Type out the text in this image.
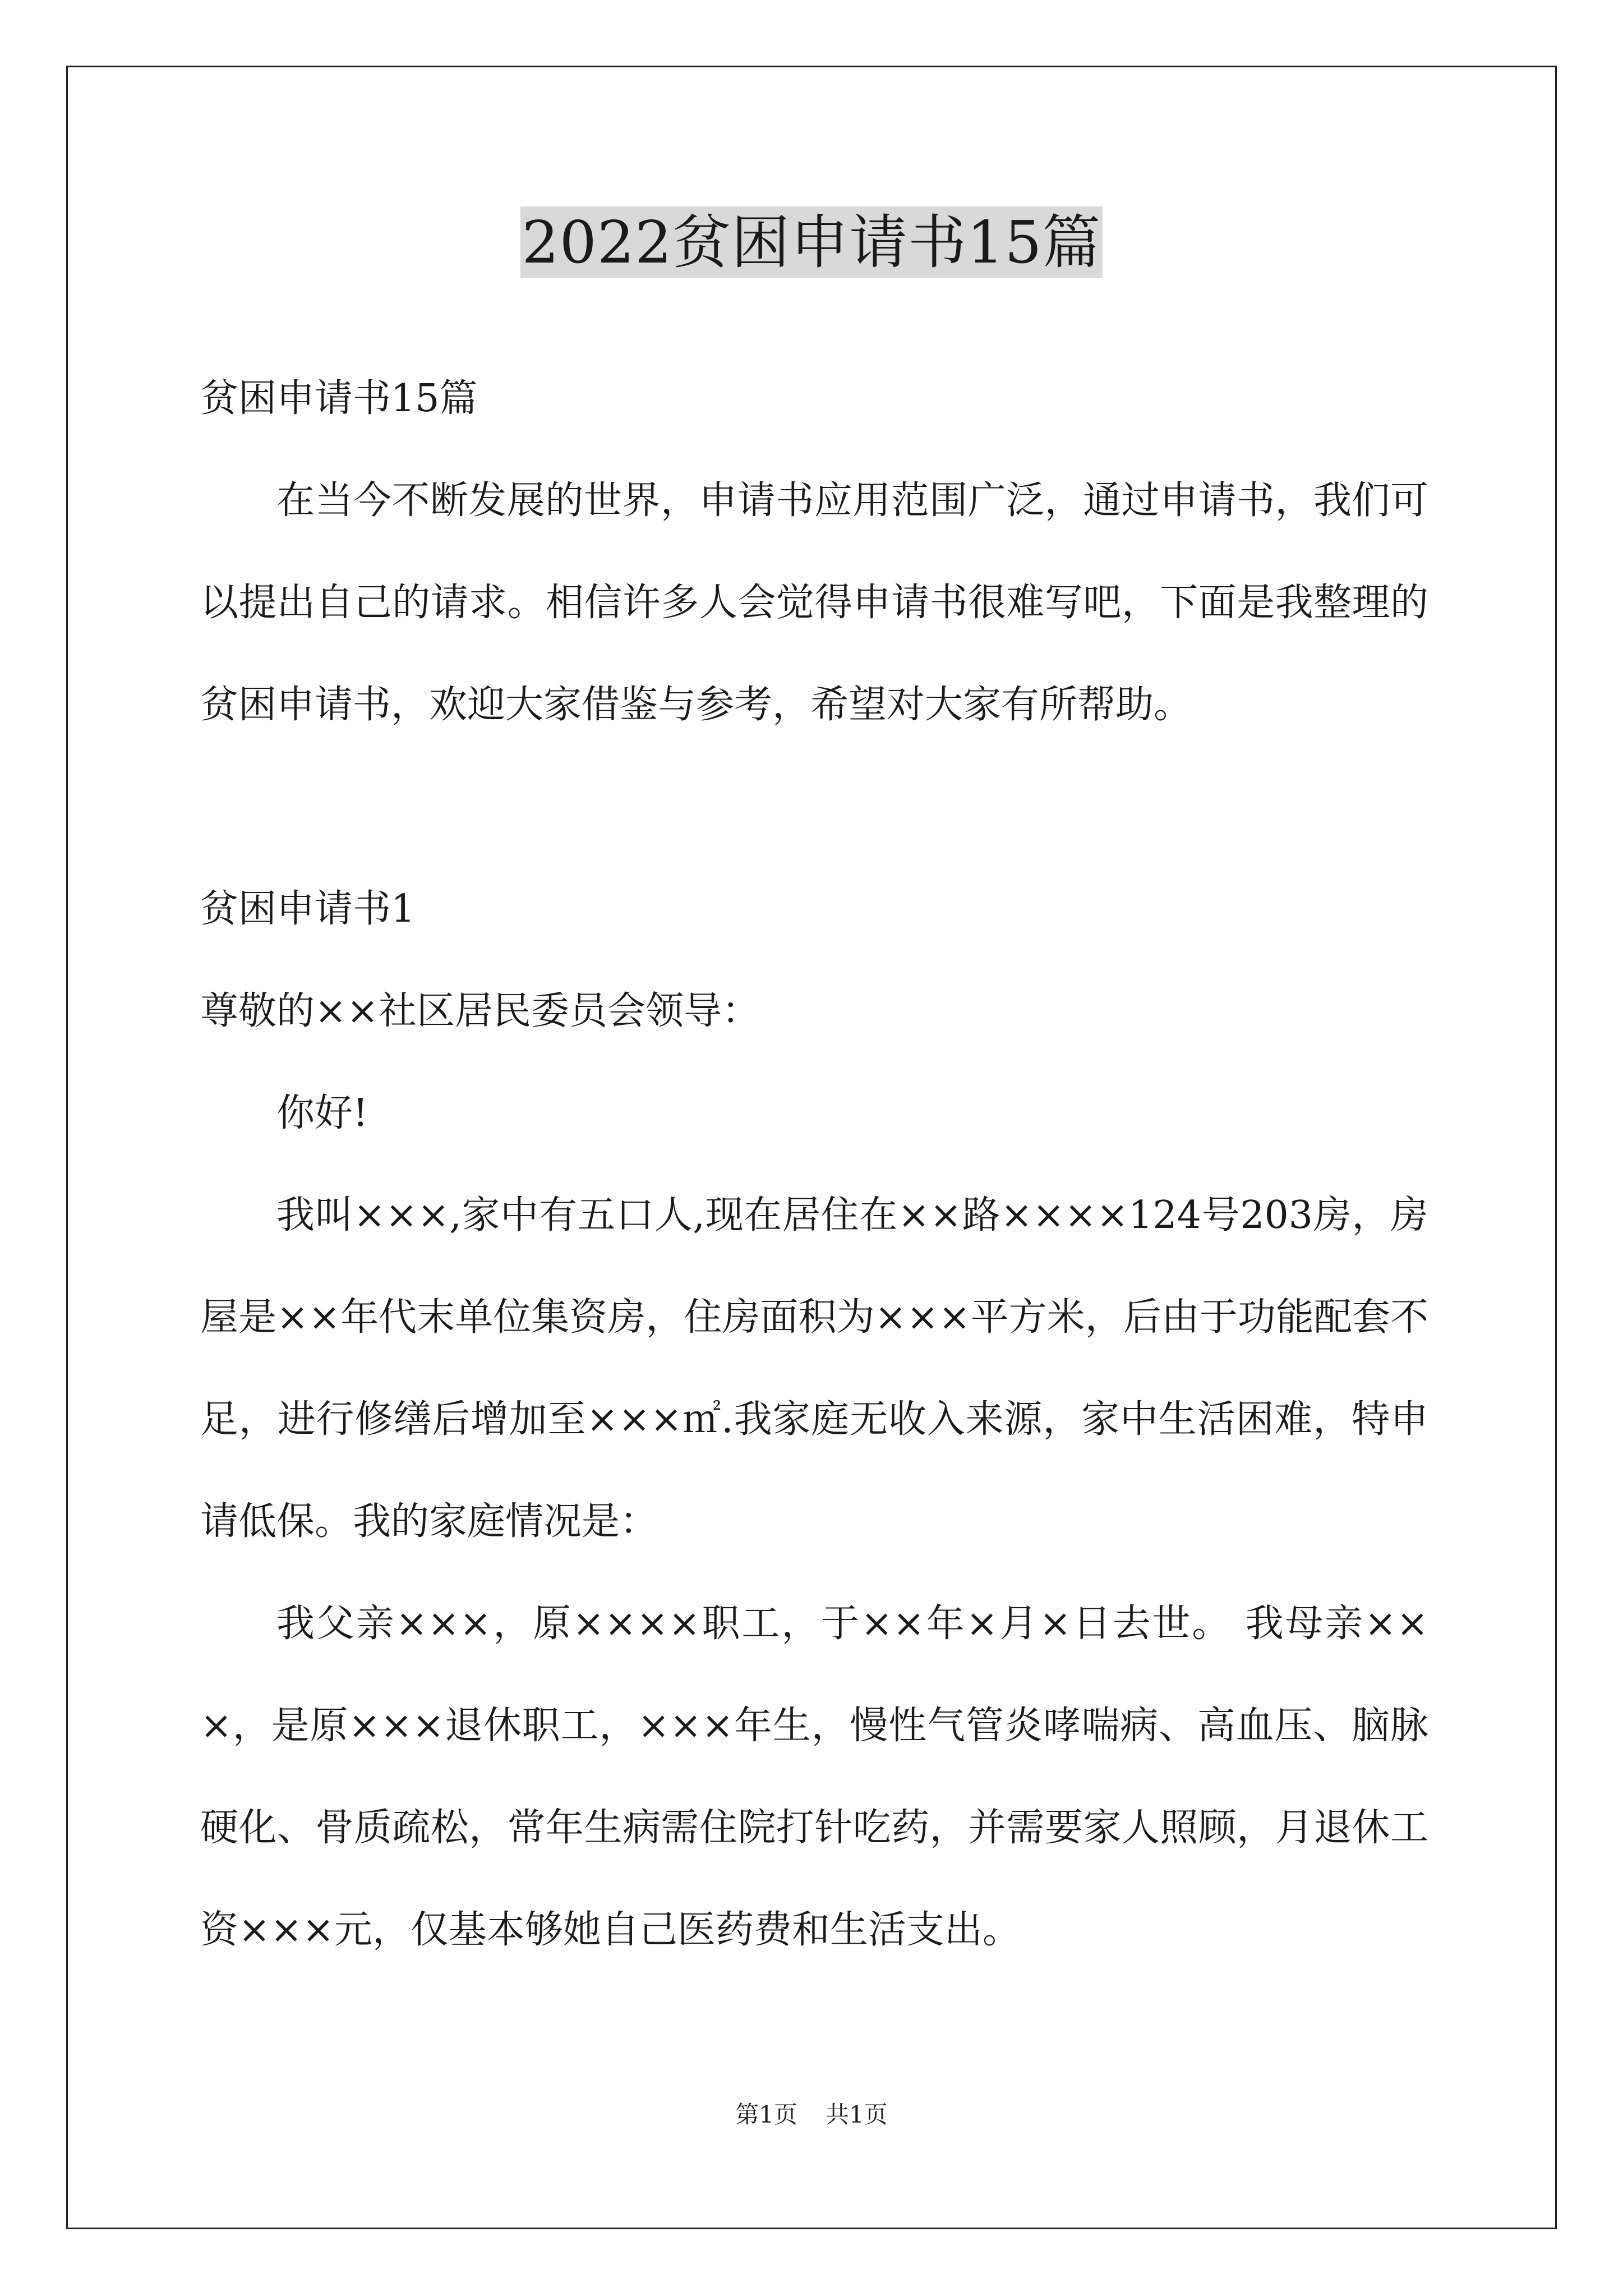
2022贫困申请书15篇

贫困申请书15篇

在当今不断发展的世界，申请书应用范围广泛，通过申请书，我们可以提出自己的请求。相信许多人会觉得申请书很难写吧，下面是我整理的贫困申请书，欢迎大家借鉴与参考，希望对大家有所帮助。

贫困申请书1

尊敬的××社区居民委员会领导：

你好!

我叫×××,家中有五口人,现在居住在××路××××124号203房，房屋是××年代末单位集资房，住房面积为×××平方米，后由于功能配套不足，进行修缮后增加至×××㎡.我家庭无收入来源，家中生活困难，特申请低保。我的家庭情况是：

我父亲×××，原××××职工，于××年×月×日去世。 我母亲×××，是原×××退休职工，×××年生，慢性气管炎哮喘病、高血压、脑脉硬化、骨质疏松，常年生病需住院打针吃药，并需要家人照顾，月退休工资×××元，仅基本够她自己医药费和生活支出。

第1页 共1页
